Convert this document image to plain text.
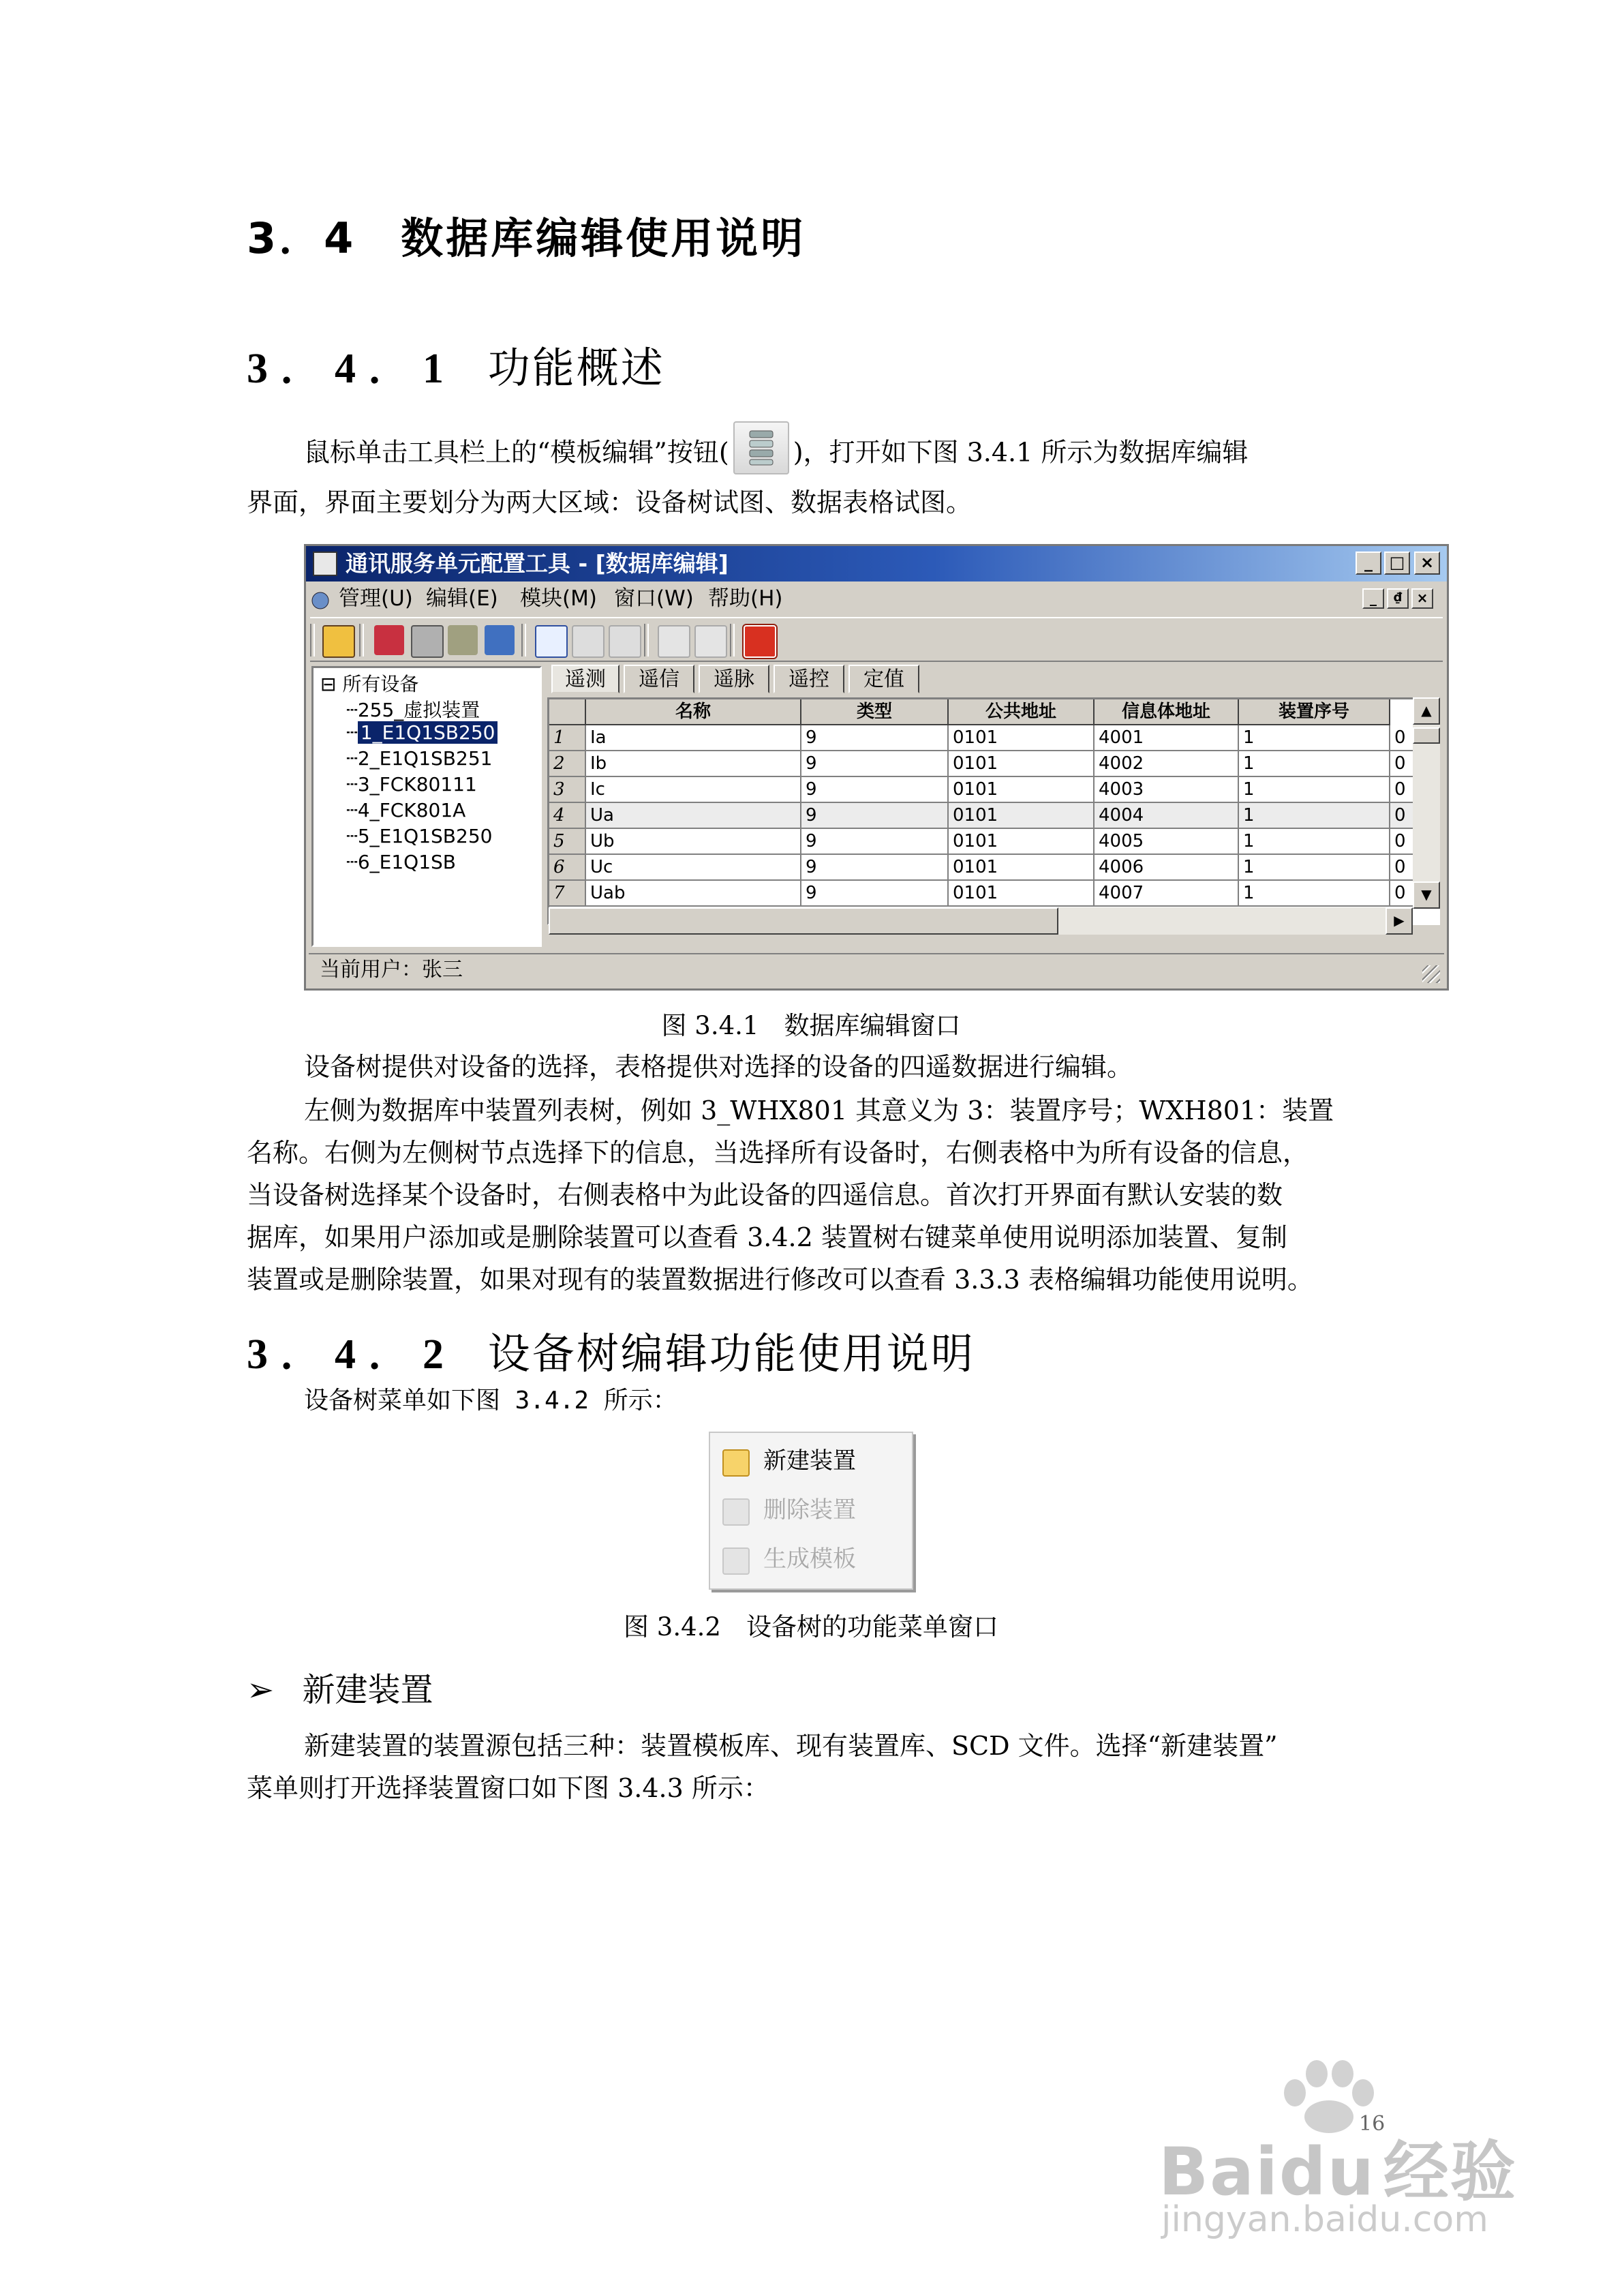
3．4　数据库编辑使用说明
3．4．1 功能概述
鼠标单击工具栏上的“模板编辑”按钮( )，打开如下图 3.4.1 所示为数据库编辑
界面，界面主要划分为两大区域：设备树试图、数据表格试图。
通讯服务单元配置工具 - [数据库编辑]	_	□ ×
管理(U) 编辑(E) 模块(M) 窗口(W) 帮助(H)	_	₫	×
⊟ 所有设备
┄255_虚拟装置
┄ 1_E1Q1SB250
┄2_E1Q1SB251
┄3_FCK80111
┄4_FCK801A
┄5_E1Q1SB250
┄6_E1Q1SB
遥测	遥信	遥脉	遥控	定值
名称	类型	公共地址	信息体地址	装置序号
1	Ia	9	0101	4001	1	0
2	Ib	9	0101	4002	1	0
3	Ic	9	0101	4003	1	0
4	Ua	9	0101	4004	1	0
5	Ub	9	0101	4005	1	0
6	Uc	9	0101	4006	1	0
7	Uab	9	0101	4007	1	0
▲
▼
▶
当前用户：张三
图 3.4.1　数据库编辑窗口
设备树提供对设备的选择，表格提供对选择的设备的四遥数据进行编辑。
左侧为数据库中装置列表树，例如 3_WHX801 其意义为 3：装置序号；WXH801：装置
名称。右侧为左侧树节点选择下的信息，当选择所有设备时，右侧表格中为所有设备的信息，
当设备树选择某个设备时，右侧表格中为此设备的四遥信息。首次打开界面有默认安装的数
据库，如果用户添加或是删除装置可以查看 3.4.2 装置树右键菜单使用说明添加装置、复制
装置或是删除装置，如果对现有的装置数据进行修改可以查看 3.3.3 表格编辑功能使用说明。
3．4．2 设备树编辑功能使用说明
设备树菜单如下图 3.4.2 所示：
新建装置
删除装置
生成模板
图 3.4.2　设备树的功能菜单窗口
➢ 新建装置
新建装置的装置源包括三种：装置模板库、现有装置库、SCD 文件。选择“新建装置”
菜单则打开选择装置窗口如下图 3.4.3 所示：
16
Baidu 经验
jingyan.baidu.com
